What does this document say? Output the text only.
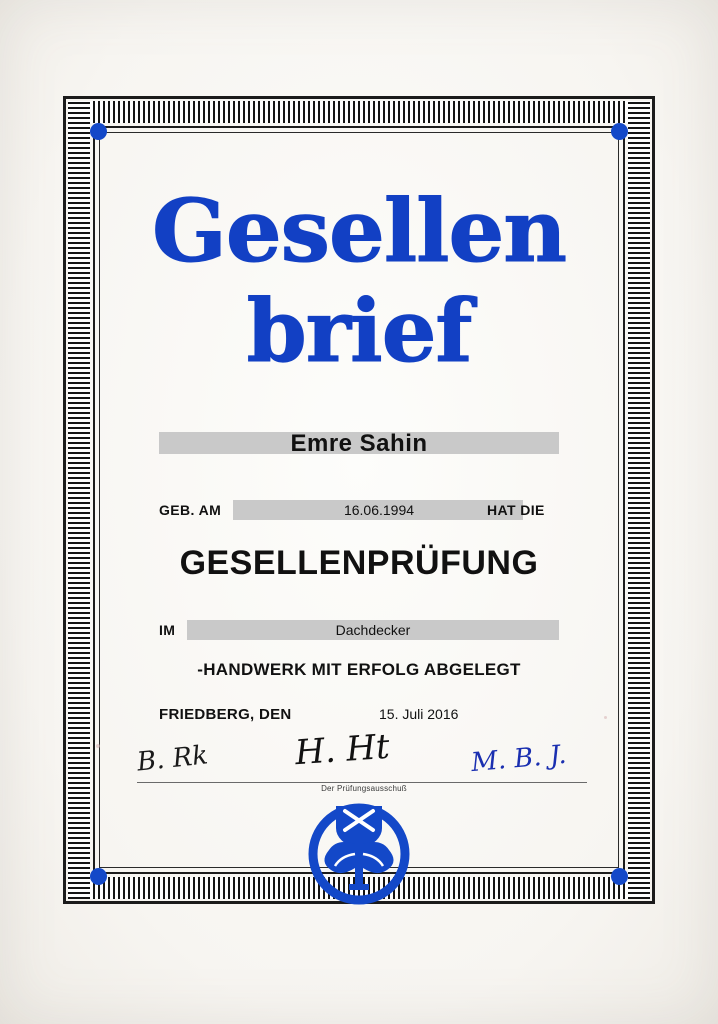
Gesellen
brief
Emre Sahin
GEB. AM	16.06.1994	HAT DIE
GESELLENPRÜFUNG
IM	Dachdecker
-HANDWERK MIT ERFOLG ABGELEGT
FRIEDBERG, DEN	15. Juli 2016
B. Rk H. Ht	M. B. J.
Der Prüfungsausschuß
